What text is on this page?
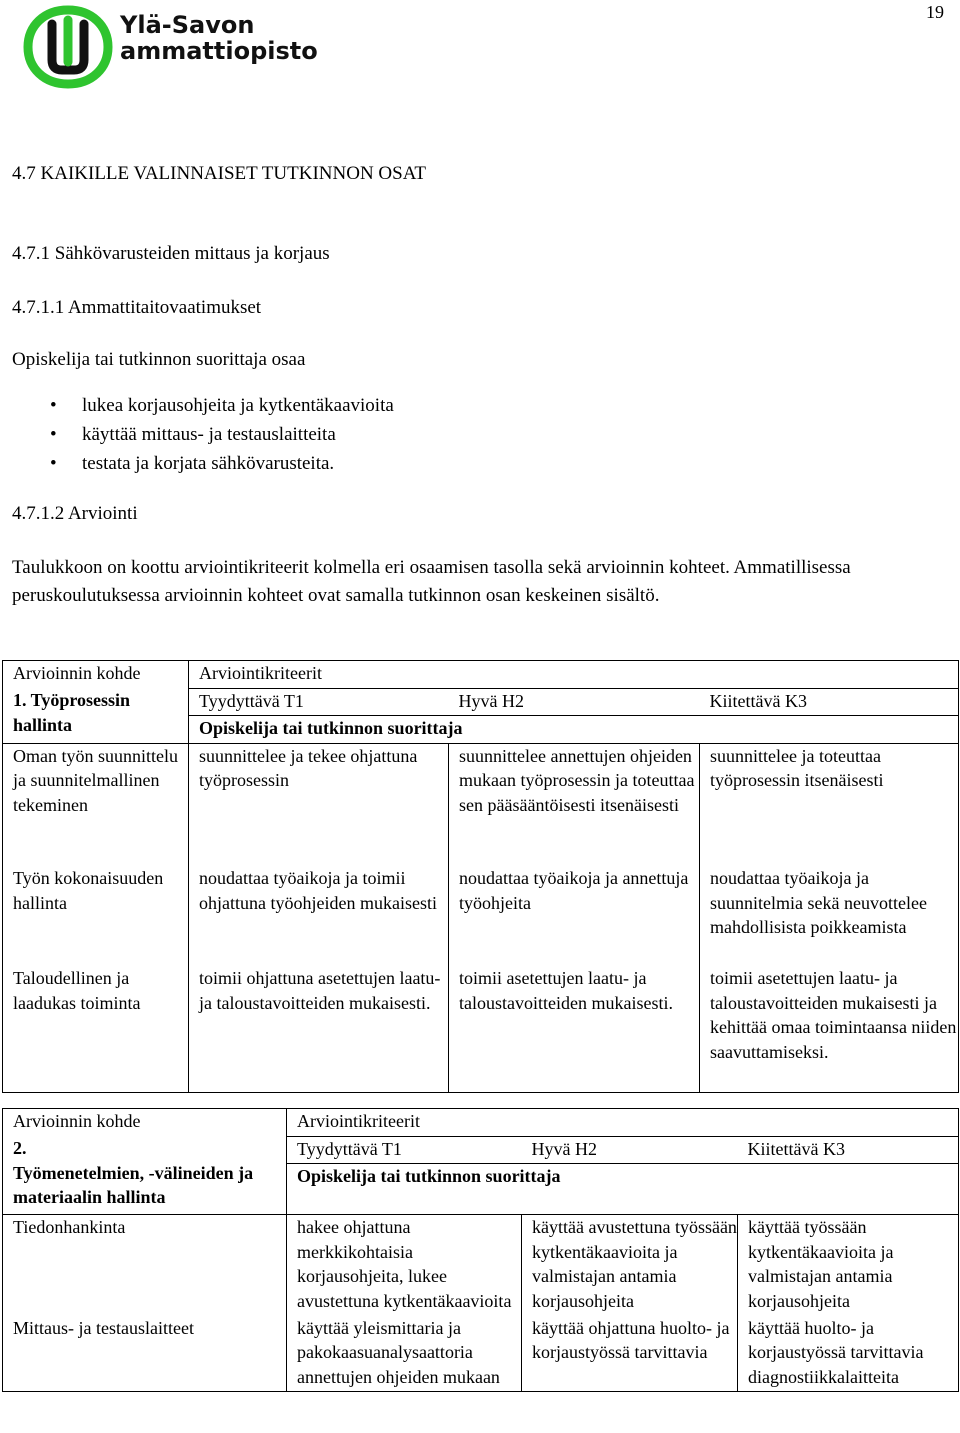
19
Ylä-Savon
ammattiopisto
4.7 KAIKILLE VALINNAISET TUTKINNON OSAT
4.7.1 Sähkövarusteiden mittaus ja korjaus
4.7.1.1 Ammattitaitovaatimukset
Opiskelija tai tutkinnon suorittaja osaa
• lukea korjausohjeita ja kytkentäkaavioita
• käyttää mittaus- ja testauslaitteita
• testata ja korjata sähkövarusteita.
4.7.1.2 Arviointi

Taulukkoon on koottu arviointikriteerit kolmella eri osaamisen tasolla sekä arvioinnin kohteet. Ammatillisessa peruskoulutuksessa arvioinnin kohteet ovat samalla tutkinnon osan keskeinen sisältö.

Arvioinnin kohde	Arviointikriteerit		
1. Työprosessin hallinta	Tyydyttävä T1	Hyvä H2	Kiitettävä K3
	Opiskelija tai tutkinnon suorittaja		
Oman työn suunnittelu ja suunnitelmallinen tekeminen	suunnittelee ja tekee ohjattuna työprosessin	suunnittelee annettujen ohjeiden mukaan työprosessin ja toteuttaa sen pääsääntöisesti itsenäisesti	suunnittelee ja toteuttaa työprosessin itsenäisesti
Työn kokonaisuuden hallinta	noudattaa työaikoja ja toimii ohjattuna työohjeiden mukaisesti	noudattaa työaikoja ja annettuja työohjeita	noudattaa työaikoja ja suunnitelmia sekä neuvottelee mahdollisista poikkeamista
Taloudellinen ja laadukas toiminta	toimii ohjattuna asetettujen laatu- ja taloustavoitteiden mukaisesti.	toimii asetettujen laatu- ja taloustavoitteiden mukaisesti.	toimii asetettujen laatu- ja taloustavoitteiden mukaisesti ja kehittää omaa toimintaansa niiden saavuttamiseksi.
Arvioinnin kohde	Arviointikriteerit		

2.
Työmenetelmien, -välineiden ja materiaalin hallinta	Tyydyttävä T1	Hyvä H2	Kiitettävä K3
	Opiskelija tai tutkinnon suorittaja		
Tiedonhankinta	hakee ohjattuna merkkikohtaisia korjausohjeita, lukee avustettuna kytkentäkaavioita	käyttää avustettuna työssään kytkentäkaavioita ja valmistajan antamia korjausohjeita	käyttää työssään kytkentäkaavioita ja valmistajan antamia korjausohjeita
Mittaus- ja testauslaitteet	käyttää yleismittaria ja pakokaasuanalysaattoria annettujen ohjeiden mukaan	käyttää ohjattuna huolto- ja korjaustyössä tarvittavia	käyttää huolto- ja korjaustyössä tarvittavia diagnostiikkalaitteita
